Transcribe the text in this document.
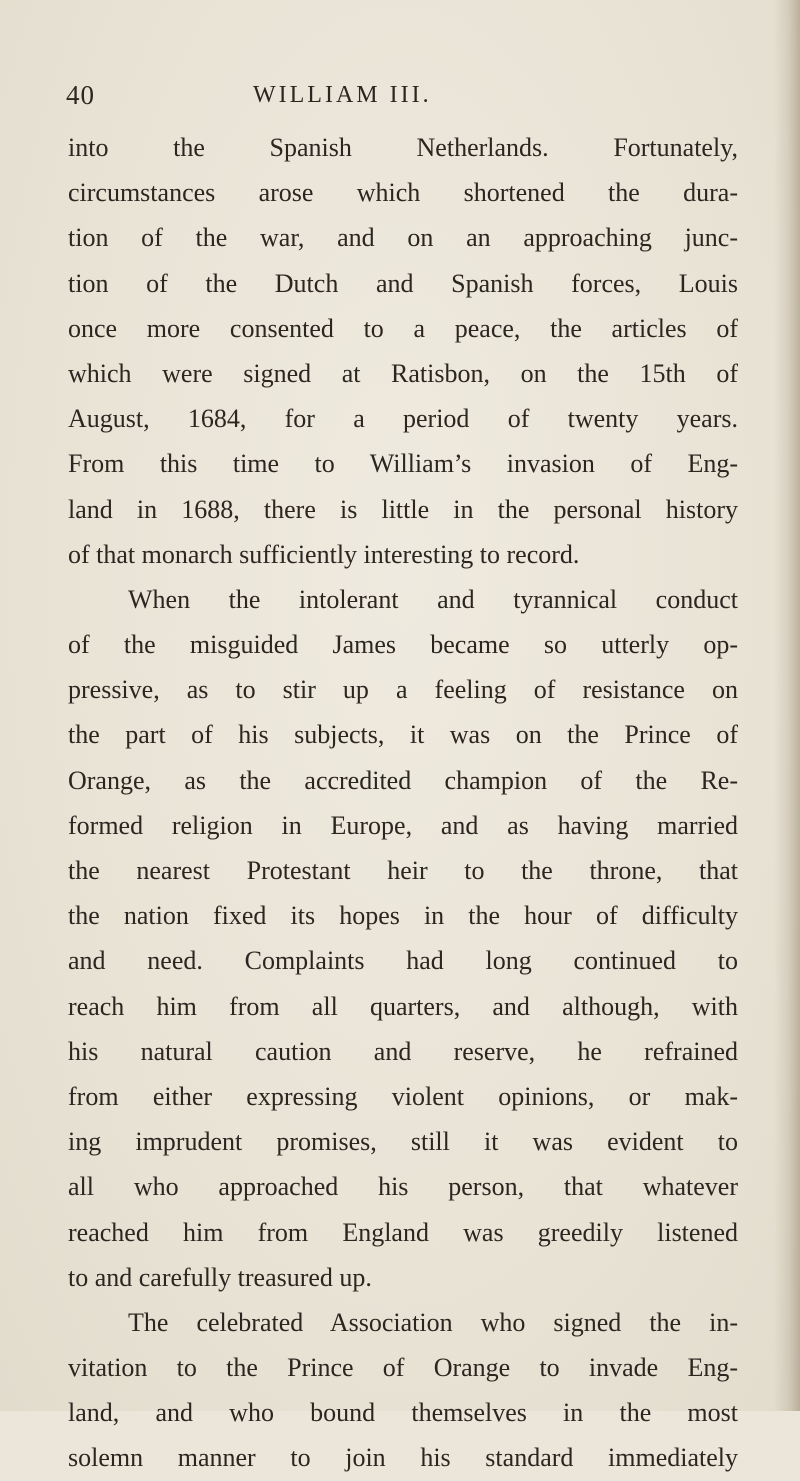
40	WILLIAM III.
into the Spanish Netherlands. Fortunately,
circumstances arose which shortened the dura-
tion of the war, and on an approaching junc-
tion of the Dutch and Spanish forces, Louis
once more consented to a peace, the articles of
which were signed at Ratisbon, on the 15th of
August, 1684, for a period of twenty years.
From this time to William’s invasion of Eng-
land in 1688, there is little in the personal history
of that monarch sufficiently interesting to record.
When the intolerant and tyrannical conduct
of the misguided James became so utterly op-
pressive, as to stir up a feeling of resistance on
the part of his subjects, it was on the Prince of
Orange, as the accredited champion of the Re-
formed religion in Europe, and as having married
the nearest Protestant heir to the throne, that
the nation fixed its hopes in the hour of difficulty
and need. Complaints had long continued to
reach him from all quarters, and although, with
his natural caution and reserve, he refrained
from either expressing violent opinions, or mak-
ing imprudent promises, still it was evident to
all who approached his person, that whatever
reached him from England was greedily listened
to and carefully treasured up.
The celebrated Association who signed the in-
vitation to the Prince of Orange to invade Eng-
land, and who bound themselves in the most
solemn manner to join his standard immediately
